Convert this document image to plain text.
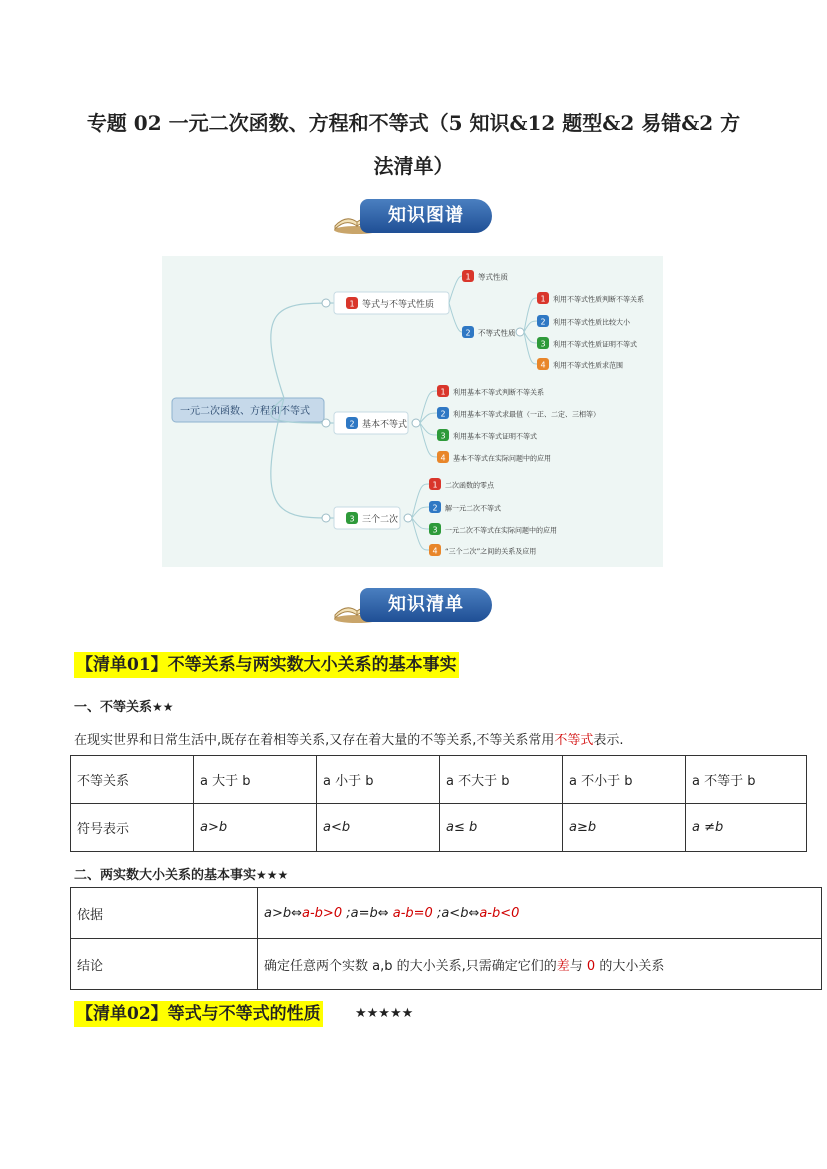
专题 02 一元二次函数、方程和不等式（5 知识&12 题型&2 易错&2 方
法清单）
知识图谱
一元二次函数、方程和不等式
1 等式与不等式性质
2 基本不等式
3 三个二次
1 等式性质
2 不等式性质
1 利用不等式性质判断不等关系
2 利用不等式性质比较大小
3 利用不等式性质证明不等式
4 利用不等式性质求范围
1 利用基本不等式判断不等关系
2 利用基本不等式求最值（一正、二定、三相等）
3 利用基本不等式证明不等式
4 基本不等式在实际问题中的应用
1 二次函数的零点
2 解一元二次不等式
3 一元二次不等式在实际问题中的应用
4 “三个二次”之间的关系及应用
知识清单
【清单01】不等关系与两实数大小关系的基本事实
一、不等关系★★
在现实世界和日常生活中,既存在着相等关系,又存在着大量的不等关系,不等关系常用不等式表示.
不等关系	a 大于 b	a 小于 b	a 不大于 b	a 不小于 b	a 不等于 b
符号表示	a>b	a<b	a≤ b	a≥b	a ≠b
二、两实数大小关系的基本事实★★★
依据	a>b⇔a-b>0 ;a=b⇔ a-b=0 ;a<b⇔a-b<0
结论	确定任意两个实数 a,b 的大小关系,只需确定它们的差与 0 的大小关系
【清单02】等式与不等式的性质	★★★★★
